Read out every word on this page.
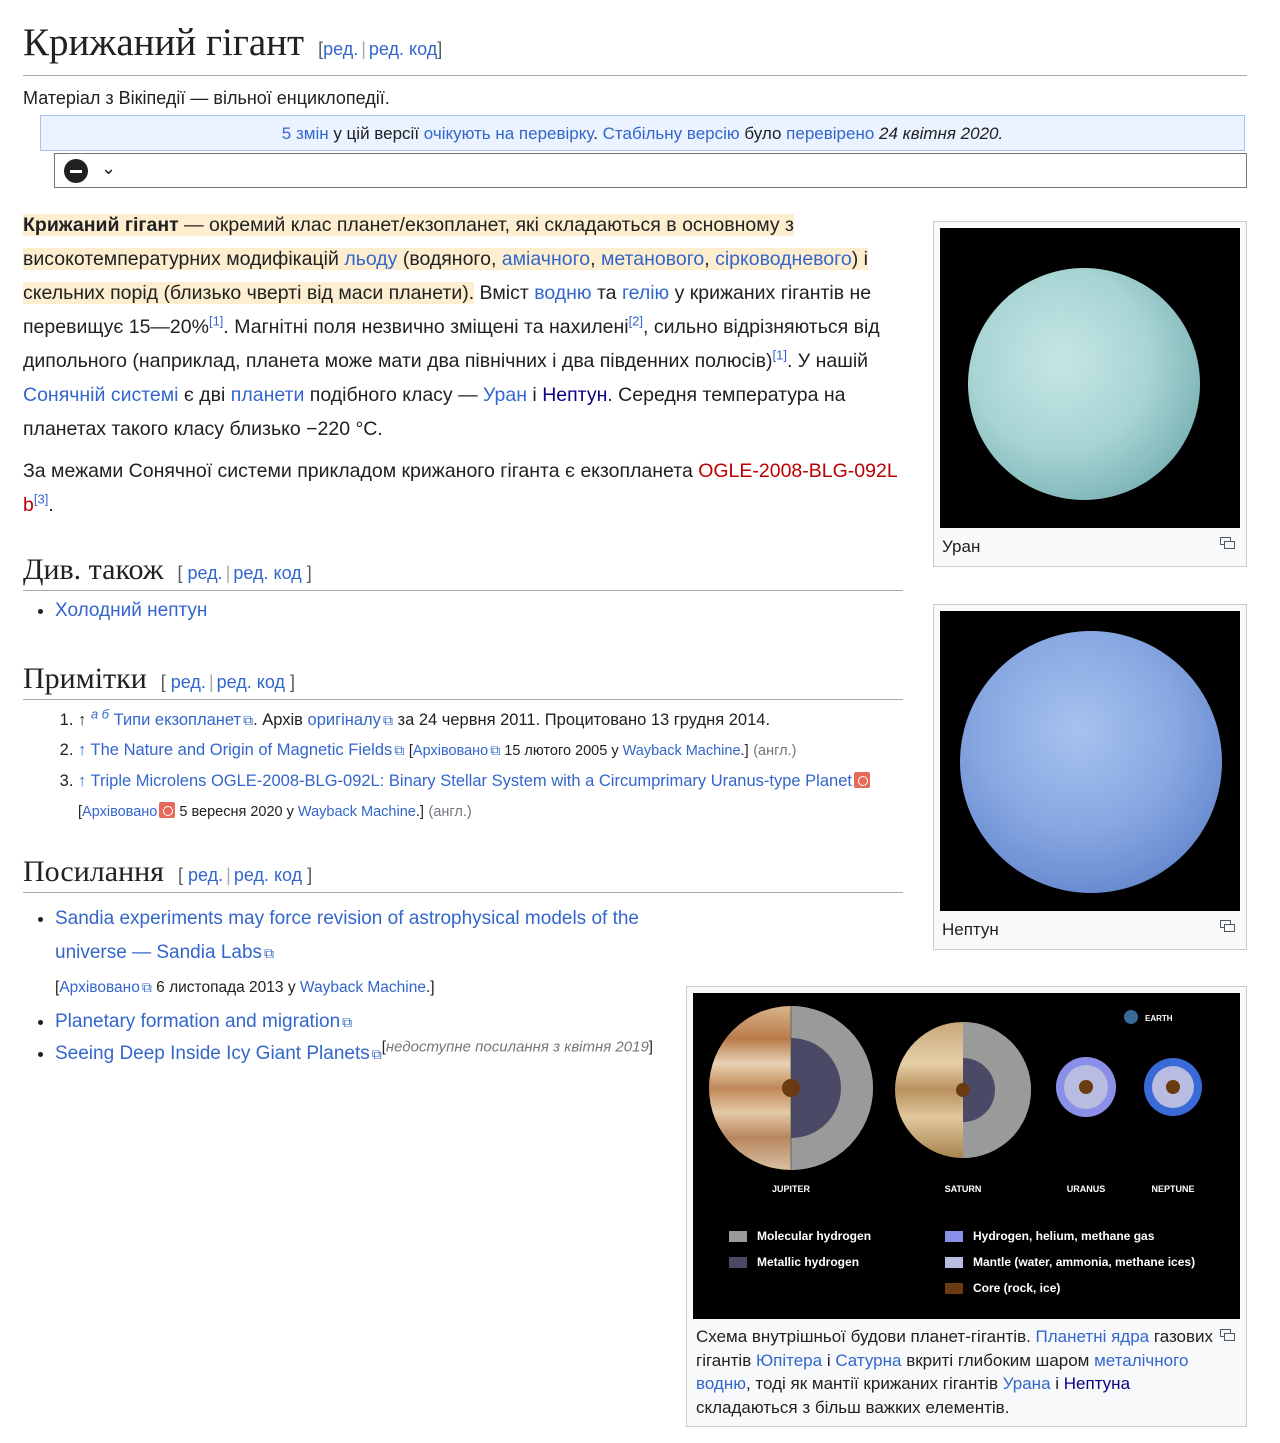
Крижаний гігант [ред. | ред. код]
Матеріал з Вікіпедії — вільної енциклопедії.
5 змін у цій версії очікують на перевірку. Стабільну версію було перевірено 24 квітня 2020.
⌄

Крижаний гігант — окремий клас планет/екзопланет, які складаються в основному з високотемпературних модифікацій льоду (водяного, аміачного, метанового, сірководневого) і скельних порід (близько чверті від маси планети). Вміст водню та гелію у крижаних гігантів не перевищує 15—20%[1]. Магнітні поля незвично зміщені та нахилені[2], сильно відрізняються від дипольного (наприклад, планета може мати два північних і два південних полюсів)[1]. У нашій Сонячній системі є дві планети подібного класу — Уран і Нептун. Середня температура на планетах такого класу близько −220 °C.

За межами Сонячної системи прикладом крижаного гіганта є екзопланета OGLE-2008-BLG-092L b[3].

Див. також [ ред. | ред. код ]
• Холодний нептун
Примітки [ ред. | ред. код ]
1. ↑ $^{a б}$ Типи екзопланет ⧉ . Архів оригіналу ⧉ за 24 червня 2011. Процитовано 13 грудня 2014.
2. ↑ The Nature and Origin of Magnetic Fields ⧉ [Архівовано ⧉ 15 лютого 2005 у Wayback Machine.] (англ.)
3. ↑ Triple Microlens OGLE-2008-BLG-092L: Binary Stellar System with a Circumprimary Uranus-type Planet [Архівовано 5 вересня 2020 у Wayback Machine.] (англ.)
Посилання [ ред. | ред. код ]
• Sandia experiments may force revision of astrophysical models of the universe — Sandia Labs ⧉
[Архівовано ⧉ 6 листопада 2013 у Wayback Machine.]
• Planetary formation and migration ⧉
• Seeing Deep Inside Icy Giant Planets ⧉ [недоступне посилання з квітня 2019]
Уран
Нептун
EARTH
JUPITER	SATURN	URANUS	NEPTUNE
Molecular hydrogen
Metallic hydrogen
Hydrogen, helium, methane gas
Mantle (water, ammonia, methane ices)
Core (rock, ice)
Схема внутрішньої будови планет-гігантів. Планетні ядра газових гігантів Юпітера і Сатурна вкриті глибоким шаром металічного водню, тоді як мантії крижаних гігантів Урана і Нептуна складаються з більш важких елементів.
